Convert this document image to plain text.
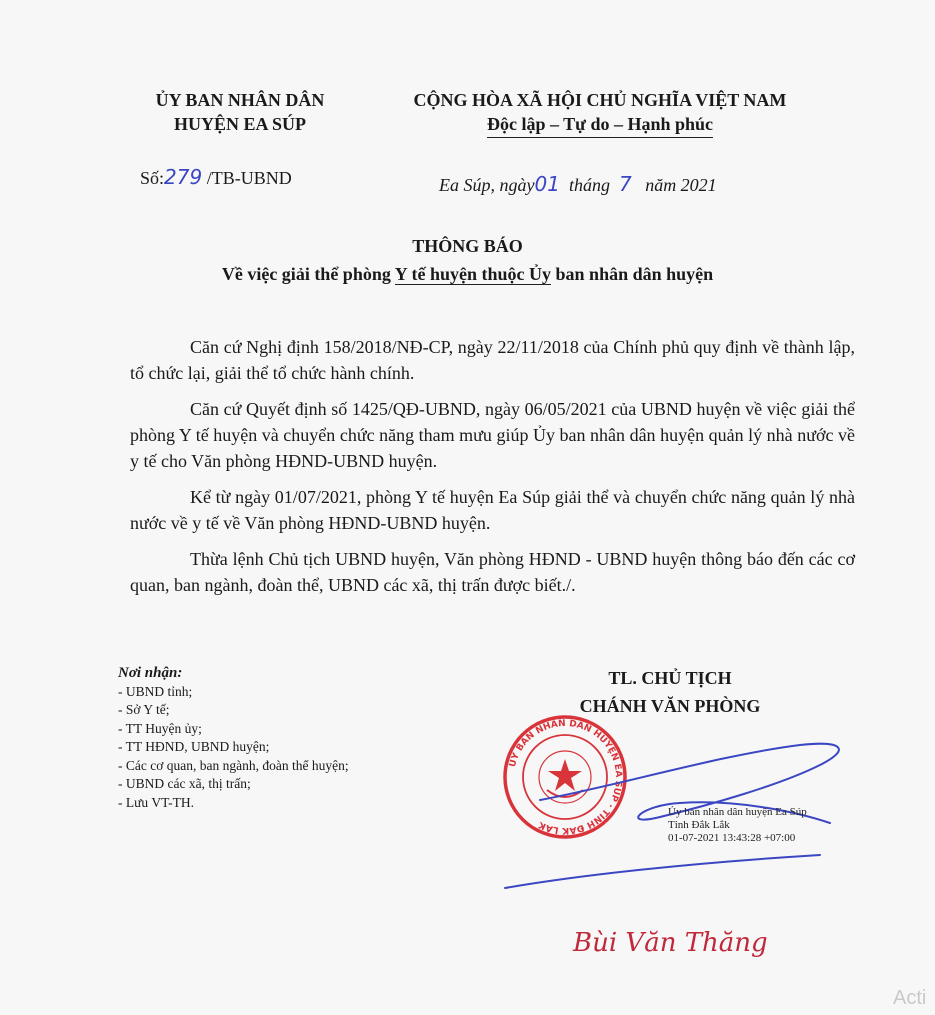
ỦY BAN NHÂN DÂN
HUYỆN EA SÚP
CỘNG HÒA XÃ HỘI CHỦ NGHĨA VIỆT NAM
Độc lập – Tự do – Hạnh phúc
Số:279 /TB-UBND	Ea Súp, ngày01 tháng 7 năm 2021
THÔNG BÁO
Về việc giải thể phòng Y tế huyện thuộc Ủy ban nhân dân huyện

Căn cứ Nghị định 158/2018/NĐ-CP, ngày 22/11/2018 của Chính phủ quy định về thành lập, tổ chức lại, giải thể tổ chức hành chính.

Căn cứ Quyết định số 1425/QĐ-UBND, ngày 06/05/2021 của UBND huyện về việc giải thể phòng Y tế huyện và chuyển chức năng tham mưu giúp Ủy ban nhân dân huyện quản lý nhà nước về y tế cho Văn phòng HĐND-UBND huyện.

Kể từ ngày 01/07/2021, phòng Y tế huyện Ea Súp giải thể và chuyển chức năng quản lý nhà nước về y tế về Văn phòng HĐND-UBND huyện.

Thừa lệnh Chủ tịch UBND huyện, Văn phòng HĐND - UBND huyện thông báo đến các cơ quan, ban ngành, đoàn thể, UBND các xã, thị trấn được biết./.

Nơi nhận:
- UBND tỉnh;
- Sở Y tế;
- TT Huyện ủy;
- TT HĐND, UBND huyện;
- Các cơ quan, ban ngành, đoàn thể huyện;
- UBND các xã, thị trấn;
- Lưu VT-TH.
TL. CHỦ TỊCH
CHÁNH VĂN PHÒNG
ỦY BAN NHÂN DÂN HUYỆN EA SÚP · TỈNH ĐẮK LẮK
Ủy ban nhân dân huyện Ea Súp
Tỉnh Đắk Lắk
01-07-2021 13:43:28 +07:00
Bùi Văn Thăng
Acti
